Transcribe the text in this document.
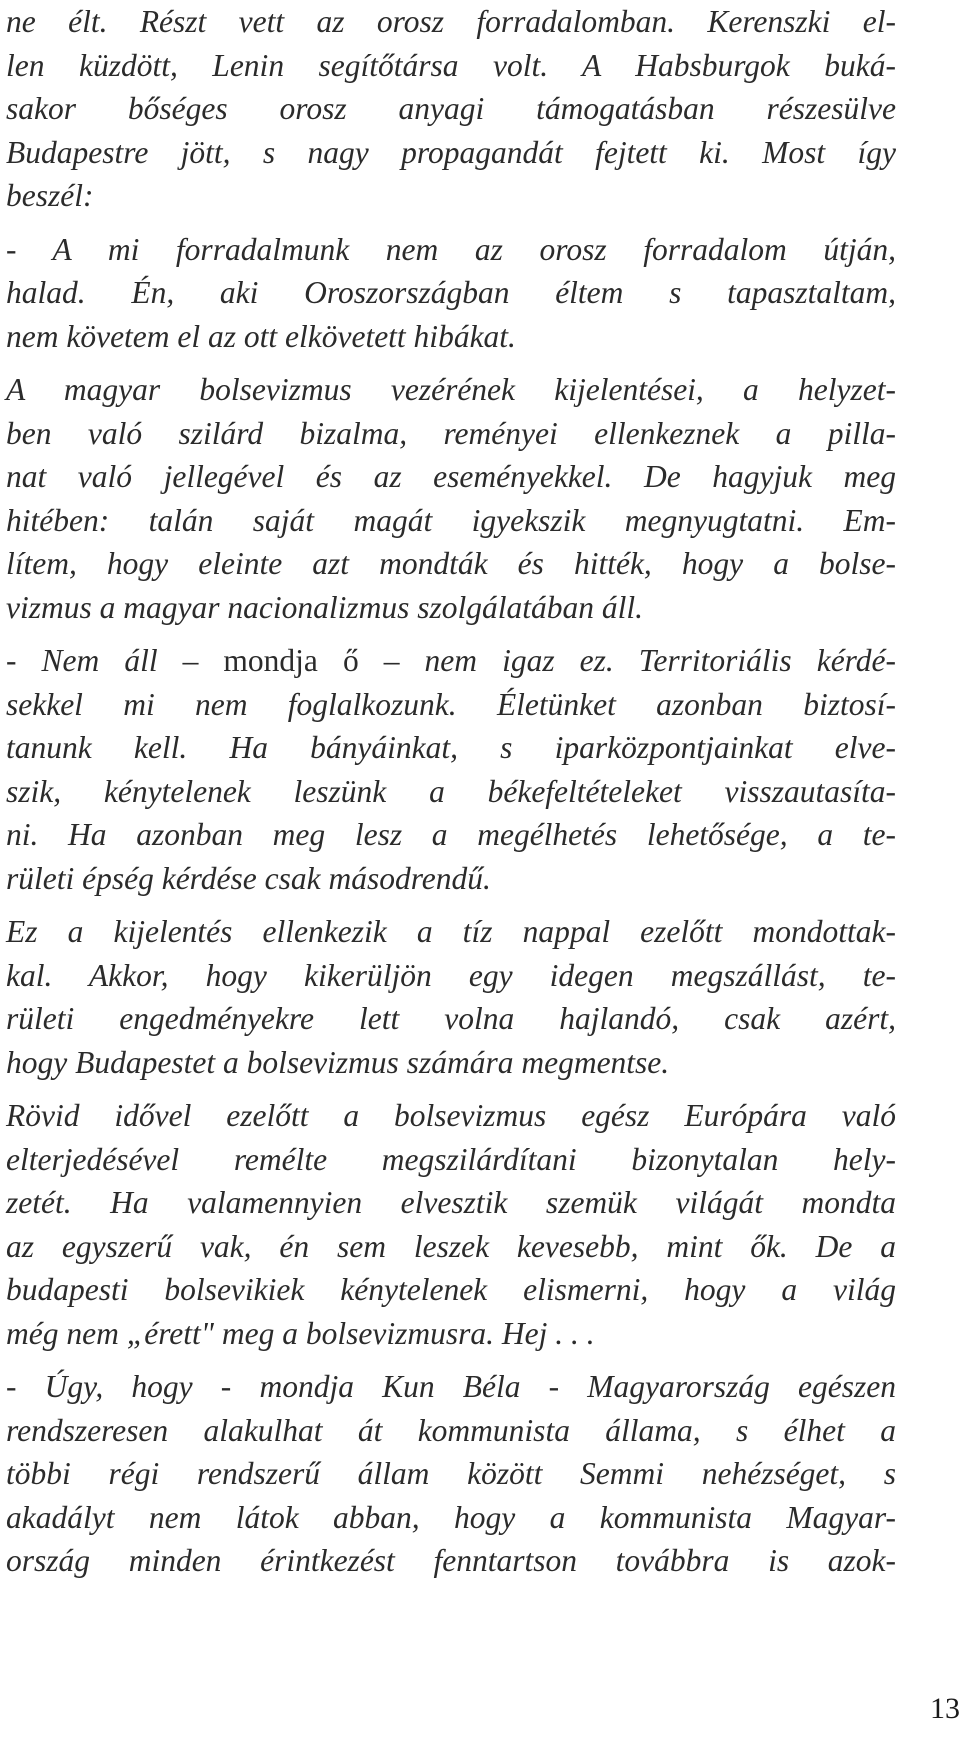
ne élt. Részt vett az orosz forradalomban. Kerenszki el-
len küzdött, Lenin segítőtársa volt. A Habsburgok buká-
sakor bőséges orosz anyagi támogatásban részesülve
Budapestre jött, s nagy propagandát fejtett ki. Most így
beszél:
- A mi forradalmunk nem az orosz forradalom útján,
halad. Én, aki Oroszországban éltem s tapasztaltam,
nem követem el az ott elkövetett hibákat.
A magyar bolsevizmus vezérének kijelentései, a helyzet-
ben való szilárd bizalma, reményei ellenkeznek a pilla-
nat való jellegével és az eseményekkel. De hagyjuk meg
hitében: talán saját magát igyekszik megnyugtatni. Em-
lítem, hogy eleinte azt mondták és hitték, hogy a bolse-
vizmus a magyar nacionalizmus szolgálatában áll.
- Nem áll – mondja ő – nem igaz ez. Territoriális kérdé-
sekkel mi nem foglalkozunk. Életünket azonban biztosí-
tanunk kell. Ha bányáinkat, s iparközpontjainkat elve-
szik, kénytelenek leszünk a békefeltételeket visszautasíta-
ni. Ha azonban meg lesz a megélhetés lehetősége, a te-
rületi épség kérdése csak másodrendű.
Ez a kijelentés ellenkezik a tíz nappal ezelőtt mondottak-
kal. Akkor, hogy kikerüljön egy idegen megszállást, te-
rületi engedményekre lett volna hajlandó, csak azért,
hogy Budapestet a bolsevizmus számára megmentse.
Rövid idővel ezelőtt a bolsevizmus egész Európára való
elterjedésével remélte megszilárdítani bizonytalan hely-
zetét. Ha valamennyien elvesztik szemük világát mondta
az egyszerű vak, én sem leszek kevesebb, mint ők. De a
budapesti bolsevikiek kénytelenek elismerni, hogy a világ
még nem „érett" meg a bolsevizmusra. Hej . . .
- Úgy, hogy - mondja Kun Béla - Magyarország egészen
rendszeresen alakulhat át kommunista állama, s élhet a
többi régi rendszerű állam között Semmi nehézséget, s
akadályt nem látok abban, hogy a kommunista Magyar-
ország minden érintkezést fenntartson továbbra is azok-
13
